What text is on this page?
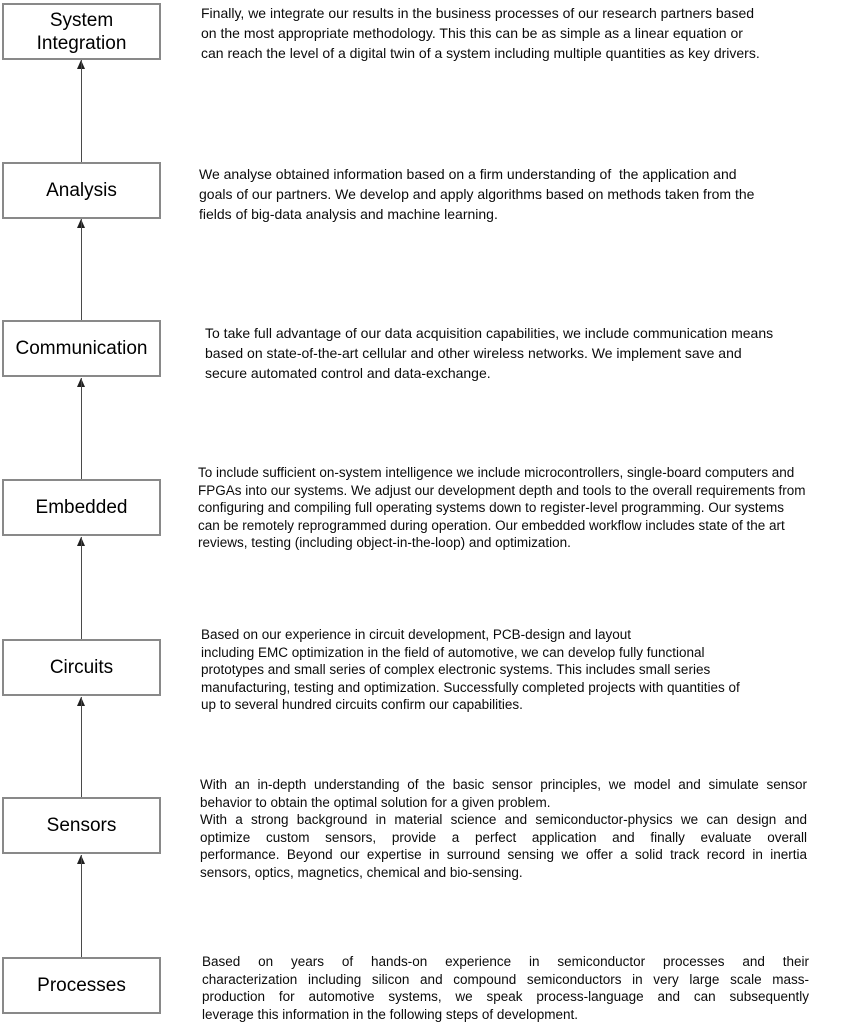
System Integration
Analysis
Communication
Embedded
Circuits
Sensors
Processes
Finally, we integrate our results in the business processes of our research partners based
on the most appropriate methodology. This this can be as simple as a linear equation or
can reach the level of a digital twin of a system including multiple quantities as key drivers.
We analyse obtained information based on a firm understanding of  the application and
goals of our partners. We develop and apply algorithms based on methods taken from the
fields of big-data analysis and machine learning.
To take full advantage of our data acquisition capabilities, we include communication means
based on state-of-the-art cellular and other wireless networks. We implement save and
secure automated control and data-exchange.
To include sufficient on-system intelligence we include microcontrollers, single-board computers and
FPGAs into our systems. We adjust our development depth and tools to the overall requirements from
configuring and compiling full operating systems down to register-level programming. Our systems
can be remotely reprogrammed during operation. Our embedded workflow includes state of the art
reviews, testing (including object-in-the-loop) and optimization.
Based on our experience in circuit development, PCB-design and layout
including EMC optimization in the field of automotive, we can develop fully functional
prototypes and small series of complex electronic systems. This includes small series
manufacturing, testing and optimization. Successfully completed projects with quantities of
up to several hundred circuits confirm our capabilities.
With an in-depth understanding of the basic sensor principles, we model and simulate sensor
behavior to obtain the optimal solution for a given problem.
With a strong background in material science and semiconductor-physics we can design and
optimize custom sensors, provide a perfect application and finally evaluate overall
performance. Beyond our expertise in surround sensing we offer a solid track record in inertia
sensors, optics, magnetics, chemical and bio-sensing.
Based on years of hands-on experience in semiconductor processes and their
characterization including silicon and compound semiconductors in very large scale mass-
production for automotive systems, we speak process-language and can subsequently
leverage this information in the following steps of development.
